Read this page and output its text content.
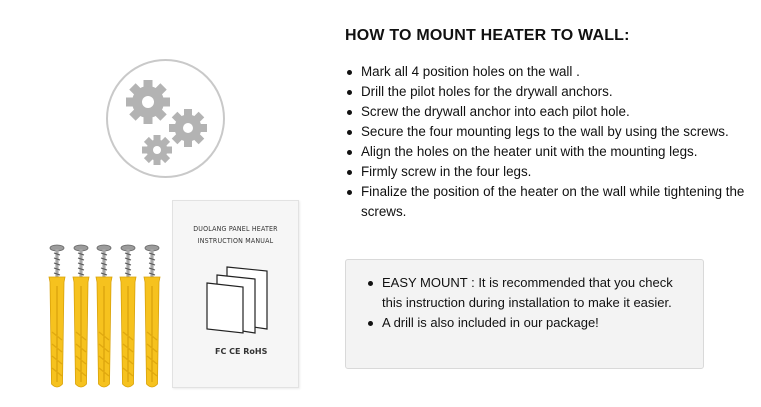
DUOLANG PANEL HEATER
INSTRUCTION MANUAL
FC CE RoHS
HOW TO MOUNT HEATER TO WALL:
Mark all 4 position holes on the wall .
Drill the pilot holes for the drywall anchors.
Screw the drywall anchor into each pilot hole.
Secure the four mounting legs to the wall by using the screws.
Align the holes on the heater unit with the mounting legs.
Firmly screw in the four legs.
Finalize the position of the heater on the wall while tightening the screws.
EASY MOUNT : It is recommended that you check this instruction during installation to make it easier.
A drill is also included in our package!
